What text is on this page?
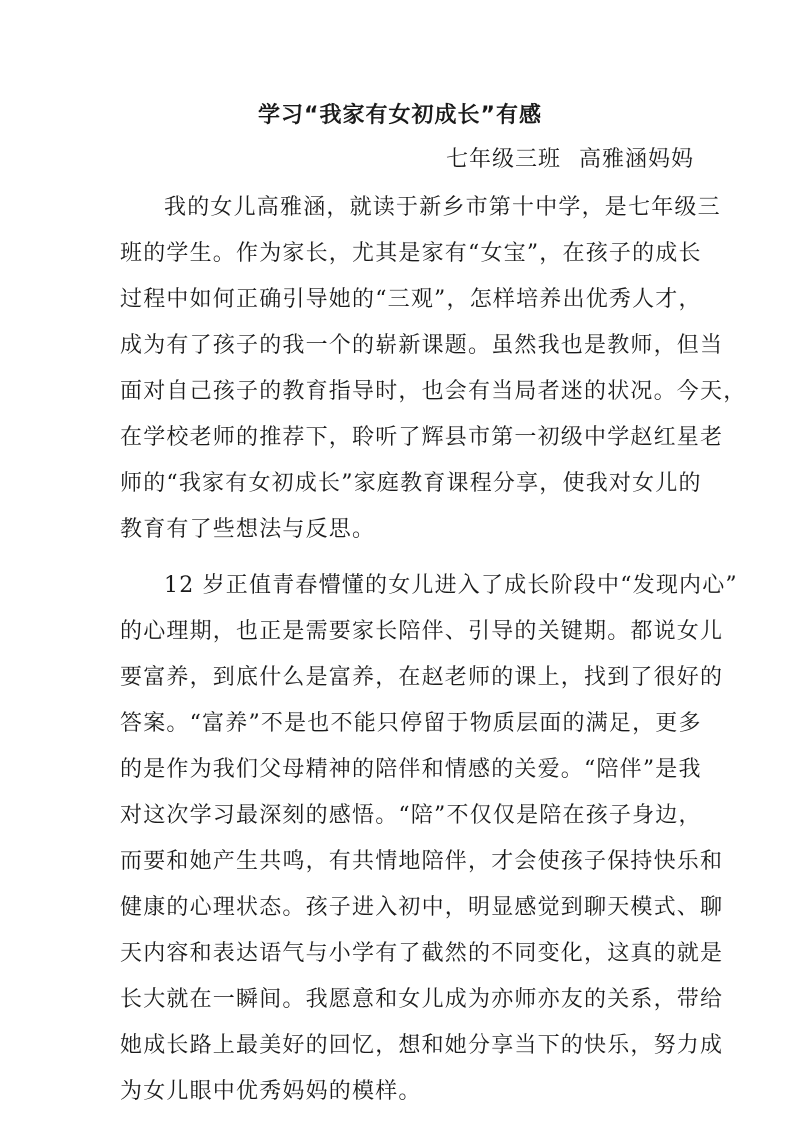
学习“我家有女初成长”有感
七年级三班 高雅涵妈妈
我的女儿高雅涵，就读于新乡市第十中学，是七年级三
班的学生。作为家长，尤其是家有“女宝”，在孩子的成长
过程中如何正确引导她的“三观”，怎样培养出优秀人才，
成为有了孩子的我一个的崭新课题。虽然我也是教师，但当
面对自己孩子的教育指导时，也会有当局者迷的状况。今天，
在学校老师的推荐下，聆听了辉县市第一初级中学赵红星老
师的“我家有女初成长”家庭教育课程分享，使我对女儿的
教育有了些想法与反思。
12 岁正值青春懵懂的女儿进入了成长阶段中“发现内心”
的心理期，也正是需要家长陪伴、引导的关键期。都说女儿
要富养，到底什么是富养，在赵老师的课上，找到了很好的
答案。“富养”不是也不能只停留于物质层面的满足，更多
的是作为我们父母精神的陪伴和情感的关爱。“陪伴”是我
对这次学习最深刻的感悟。“陪”不仅仅是陪在孩子身边，
而要和她产生共鸣，有共情地陪伴，才会使孩子保持快乐和
健康的心理状态。孩子进入初中，明显感觉到聊天模式、聊
天内容和表达语气与小学有了截然的不同变化，这真的就是
长大就在一瞬间。我愿意和女儿成为亦师亦友的关系，带给
她成长路上最美好的回忆，想和她分享当下的快乐，努力成
为女儿眼中优秀妈妈的模样。
